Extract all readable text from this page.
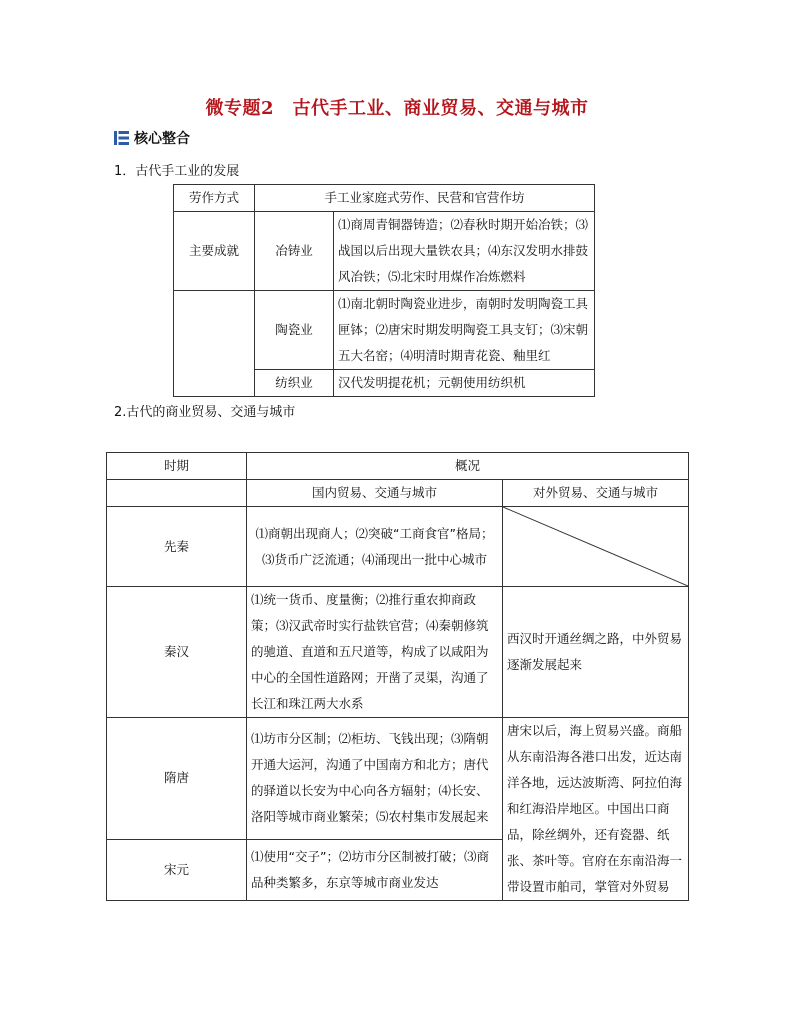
微专题2　古代手工业、商业贸易、交通与城市
核心整合
1．古代手工业的发展
劳作方式	手工业家庭式劳作、民营和官营作坊	
主要成就	冶铸业	⑴商周青铜器铸造；⑵春秋时期开始冶铁；⑶战国以后出现大量铁农具；⑷东汉发明水排鼓风冶铁；⑸北宋时用煤作冶炼燃料
	陶瓷业	⑴南北朝时陶瓷业进步，南朝时发明陶瓷工具匣钵；⑵唐宋时期发明陶瓷工具支钉；⑶宋朝五大名窑；⑷明清时期青花瓷、釉里红
	纺织业	汉代发明提花机；元朝使用纺织机
2.古代的商业贸易、交通与城市
时期	概况	
	国内贸易、交通与城市	对外贸易、交通与城市
先秦	⑴商朝出现商人；⑵突破“工商食官”格局；⑶货币广泛流通；⑷涌现出一批中心城市	

秦汉	⑴统一货币、度量衡；⑵推行重农抑商政策；⑶汉武帝时实行盐铁官营；⑷秦朝修筑的驰道、直道和五尺道等，构成了以咸阳为中心的全国性道路网；开凿了灵渠，沟通了长江和珠江两大水系	西汉时开通丝绸之路，中外贸易逐渐发展起来
隋唐	⑴坊市分区制；⑵柜坊、飞钱出现；⑶隋朝开通大运河，沟通了中国南方和北方；唐代的驿道以长安为中心向各方辐射；⑷长安、洛阳等城市商业繁荣；⑸农村集市发展起来	唐宋以后，海上贸易兴盛。商船从东南沿海各港口出发，近达南洋各地，远达波斯湾、阿拉伯海和红海沿岸地区。中国出口商品，除丝绸外，还有瓷器、纸张、茶叶等。官府在东南沿海一带设置市舶司，掌管对外贸易
宋元	⑴使用“交子”；⑵坊市分区制被打破；⑶商品种类繁多，东京等城市商业发达	
